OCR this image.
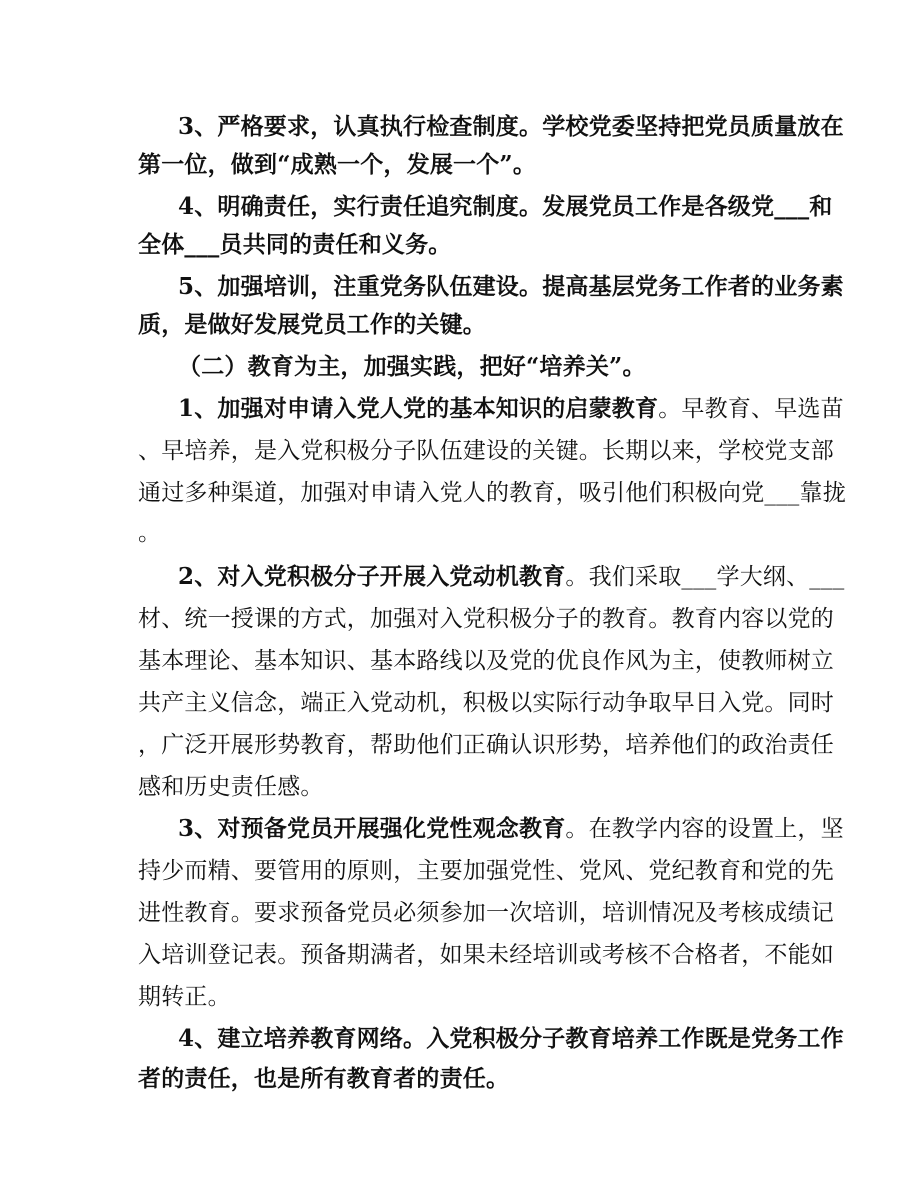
3、严格要求，认真执行检查制度。学校党委坚持把党员质量放在
第一位，做到“成熟一个，发展一个”。
4、明确责任，实行责任追究制度。发展党员工作是各级党___和
全体___员共同的责任和义务。
5、加强培训，注重党务队伍建设。提高基层党务工作者的业务素
质，是做好发展党员工作的关键。
（二）教育为主，加强实践，把好“培养关”。
1、加强对申请入党人党的基本知识的启蒙教育。早教育、早选苗
、早培养，是入党积极分子队伍建设的关键。长期以来，学校党支部
通过多种渠道，加强对申请入党人的教育，吸引他们积极向党___靠拢
。
2、对入党积极分子开展入党动机教育。我们采取___学大纲、___
材、统一授课的方式，加强对入党积极分子的教育。教育内容以党的
基本理论、基本知识、基本路线以及党的优良作风为主，使教师树立
共产主义信念，端正入党动机，积极以实际行动争取早日入党。同时
，广泛开展形势教育，帮助他们正确认识形势，培养他们的政治责任
感和历史责任感。
3、对预备党员开展强化党性观念教育。在教学内容的设置上，坚
持少而精、要管用的原则，主要加强党性、党风、党纪教育和党的先
进性教育。要求预备党员必须参加一次培训，培训情况及考核成绩记
入培训登记表。预备期满者，如果未经培训或考核不合格者，不能如
期转正。
4、建立培养教育网络。入党积极分子教育培养工作既是党务工作
者的责任，也是所有教育者的责任。
